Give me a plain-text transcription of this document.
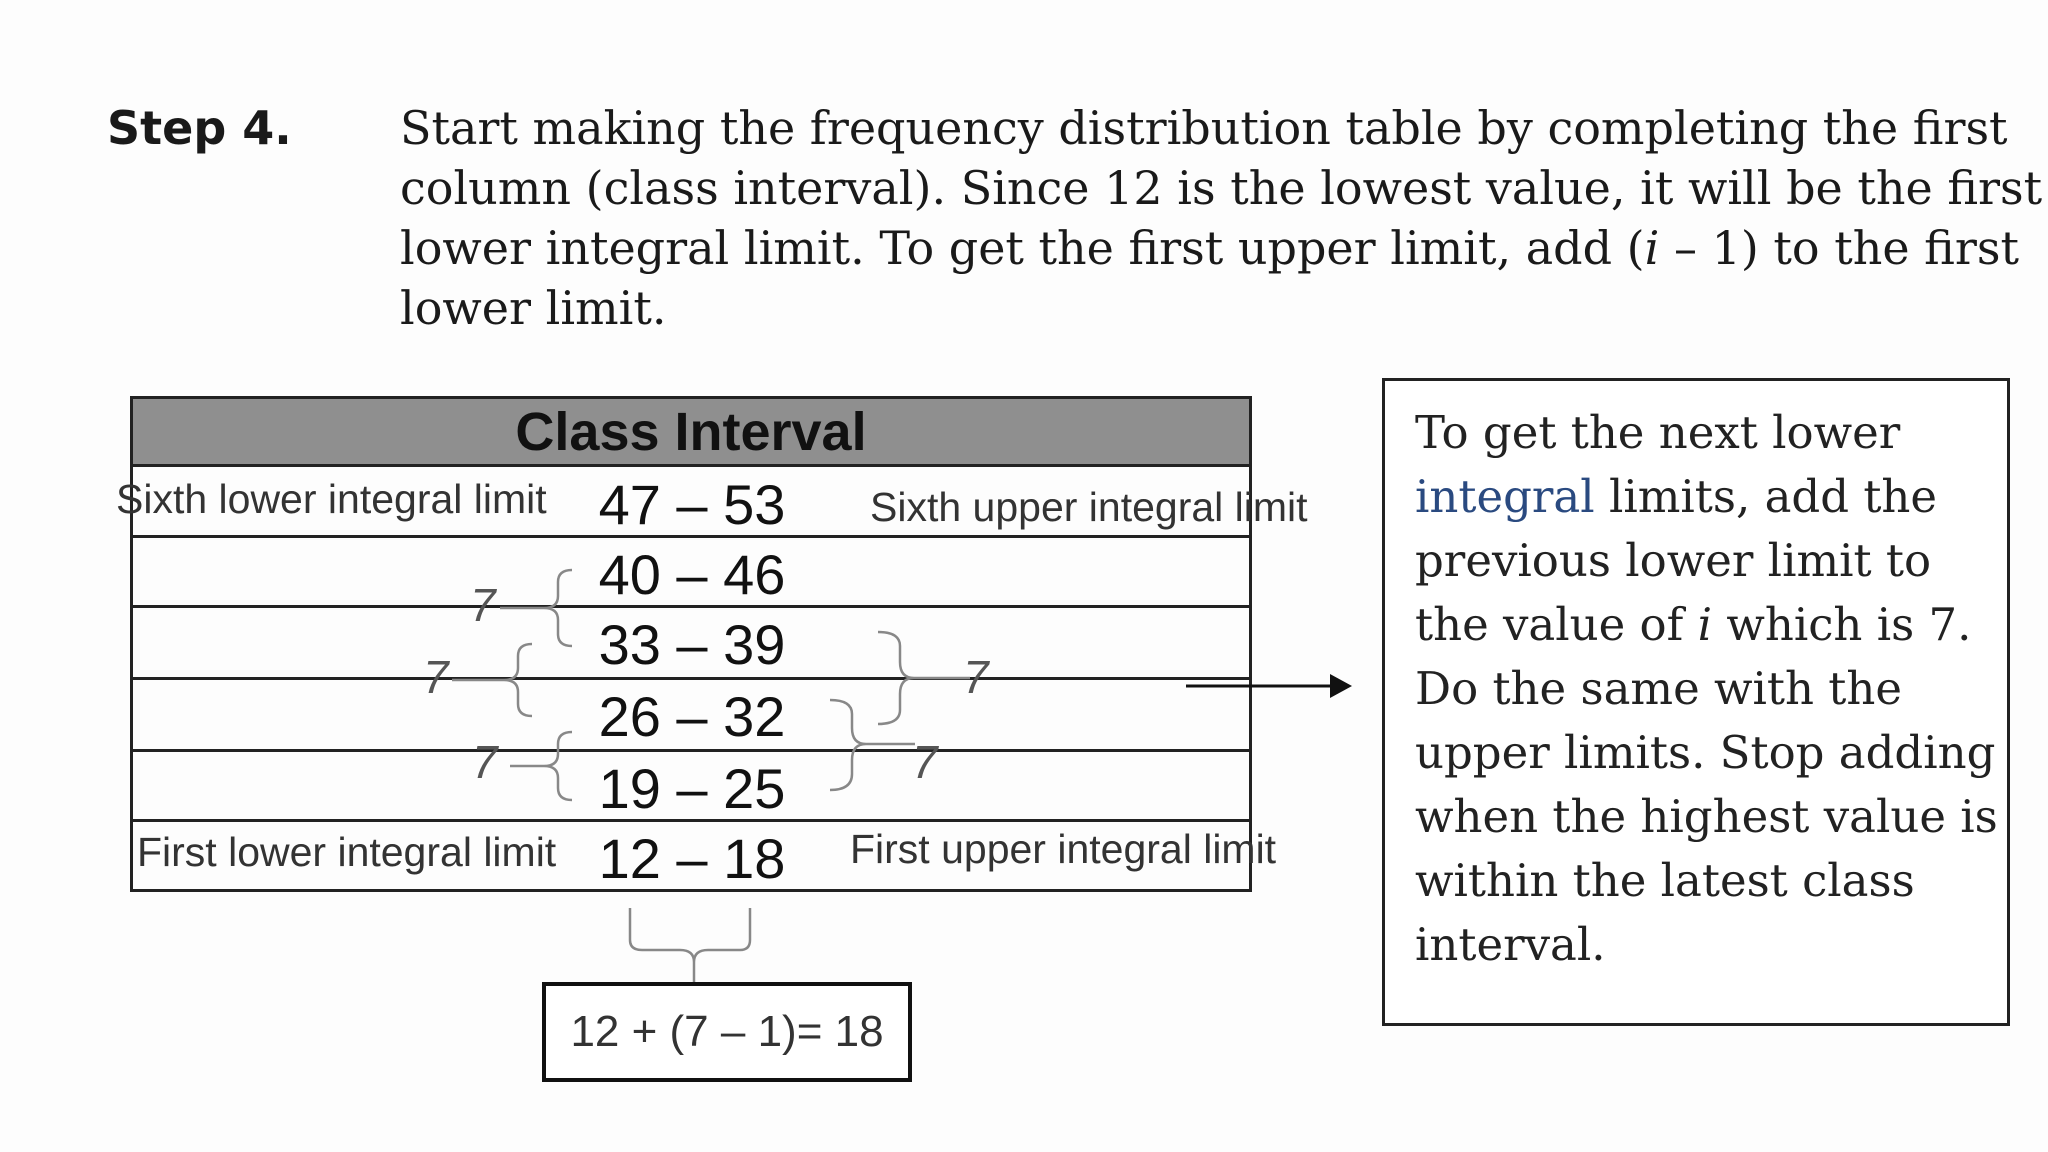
Step 4. Start making the frequency distribution table by completing the first
column (class interval). Since 12 is the lowest value, it will be the first
lower integral limit. To get the first upper limit, add (i – 1) to the first
lower limit.

Class Interval
47 – 53
40 – 46
33 – 39
26 – 32
19 – 25
12 – 18
Sixth lower integral limit	Sixth upper integral limit
First lower integral limit	First upper integral limit
7
7
7
7
7
12 + (7 – 1)= 18
To get the next lower
integral limits, add the
previous lower limit to
the value of i which is 7.
Do the same with the
upper limits. Stop adding
when the highest value is
within the latest class
interval.
